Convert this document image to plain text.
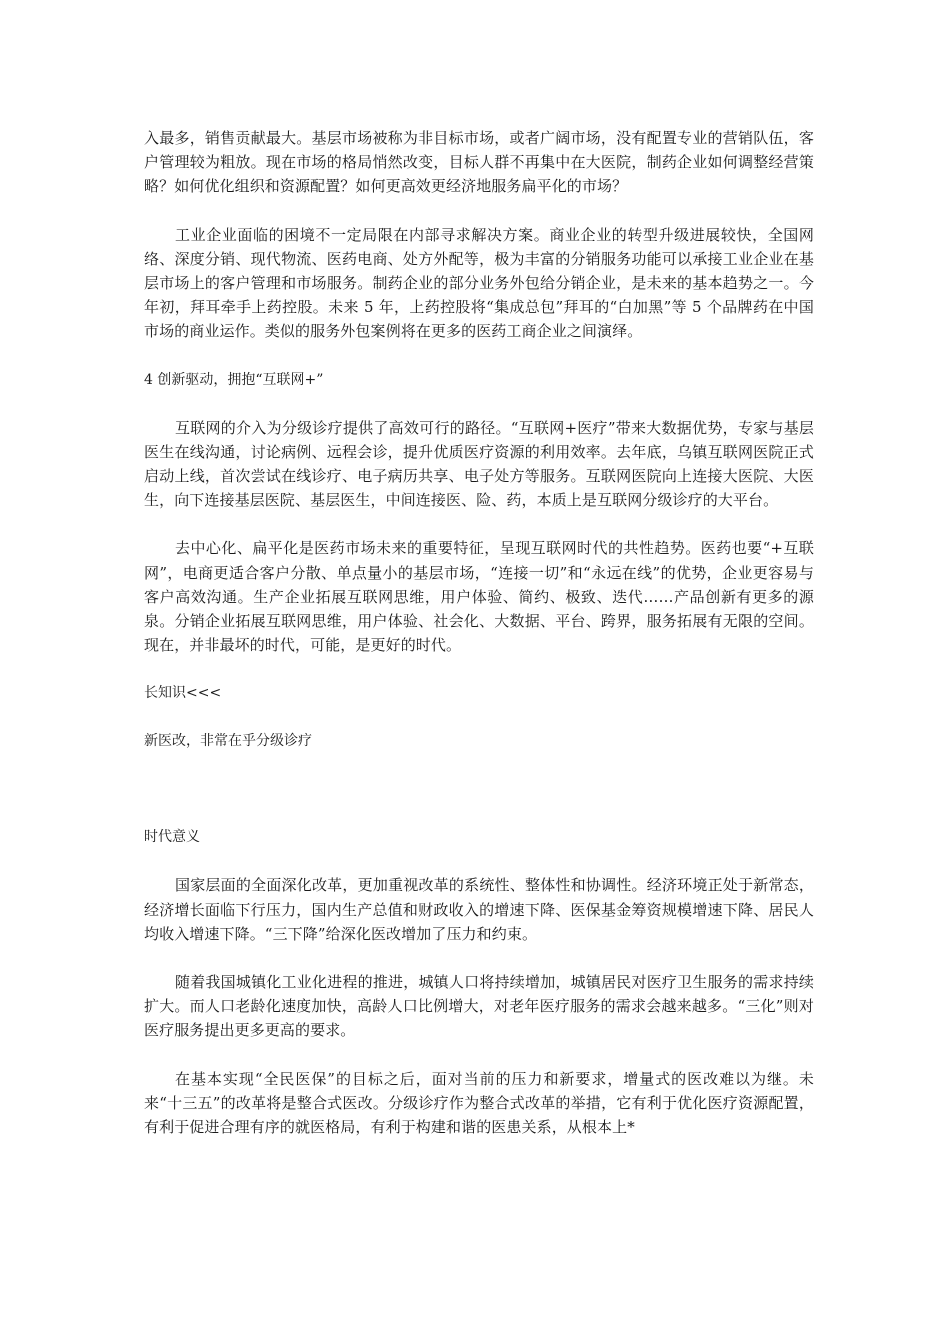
入最多，销售贡献最大。基层市场被称为非目标市场，或者广阔市场，没有配置专业的营销队伍，客户管理较为粗放。现在市场的格局悄然改变，目标人群不再集中在大医院，制药企业如何调整经营策略？如何优化组织和资源配置？如何更高效更经济地服务扁平化的市场？

工业企业面临的困境不一定局限在内部寻求解决方案。商业企业的转型升级进展较快，全国网络、深度分销、现代物流、医药电商、处方外配等，极为丰富的分销服务功能可以承接工业企业在基层市场上的客户管理和市场服务。制药企业的部分业务外包给分销企业，是未来的基本趋势之一。今年初，拜耳牵手上药控股。未来 5 年，上药控股将“集成总包”拜耳的“白加黑”等 5 个品牌药在中国市场的商业运作。类似的服务外包案例将在更多的医药工商企业之间演绎。

4 创新驱动，拥抱“互联网+”

互联网的介入为分级诊疗提供了高效可行的路径。“互联网+医疗”带来大数据优势，专家与基层医生在线沟通，讨论病例、远程会诊，提升优质医疗资源的利用效率。去年底，乌镇互联网医院正式启动上线，首次尝试在线诊疗、电子病历共享、电子处方等服务。互联网医院向上连接大医院、大医生，向下连接基层医院、基层医生，中间连接医、险、药，本质上是互联网分级诊疗的大平台。

去中心化、扁平化是医药市场未来的重要特征，呈现互联网时代的共性趋势。医药也要“+互联网”，电商更适合客户分散、单点量小的基层市场，“连接一切”和“永远在线”的优势，企业更容易与客户高效沟通。生产企业拓展互联网思维，用户体验、简约、极致、迭代……产品创新有更多的源泉。分销企业拓展互联网思维，用户体验、社会化、大数据、平台、跨界，服务拓展有无限的空间。现在，并非最坏的时代，可能，是更好的时代。

长知识<<<
新医改，非常在乎分级诊疗
时代意义

国家层面的全面深化改革，更加重视改革的系统性、整体性和协调性。经济环境正处于新常态，经济增长面临下行压力，国内生产总值和财政收入的增速下降、医保基金筹资规模增速下降、居民人均收入增速下降。“三下降”给深化医改增加了压力和约束。

随着我国城镇化工业化进程的推进，城镇人口将持续增加，城镇居民对医疗卫生服务的需求持续扩大。而人口老龄化速度加快，高龄人口比例增大，对老年医疗服务的需求会越来越多。“三化”则对医疗服务提出更多更高的要求。

在基本实现“全民医保”的目标之后，面对当前的压力和新要求，增量式的医改难以为继。未来“十三五”的改革将是整合式医改。分级诊疗作为整合式改革的举措，它有利于优化医疗资源配置，有利于促进合理有序的就医格局，有利于构建和谐的医患关系，从根本上*
